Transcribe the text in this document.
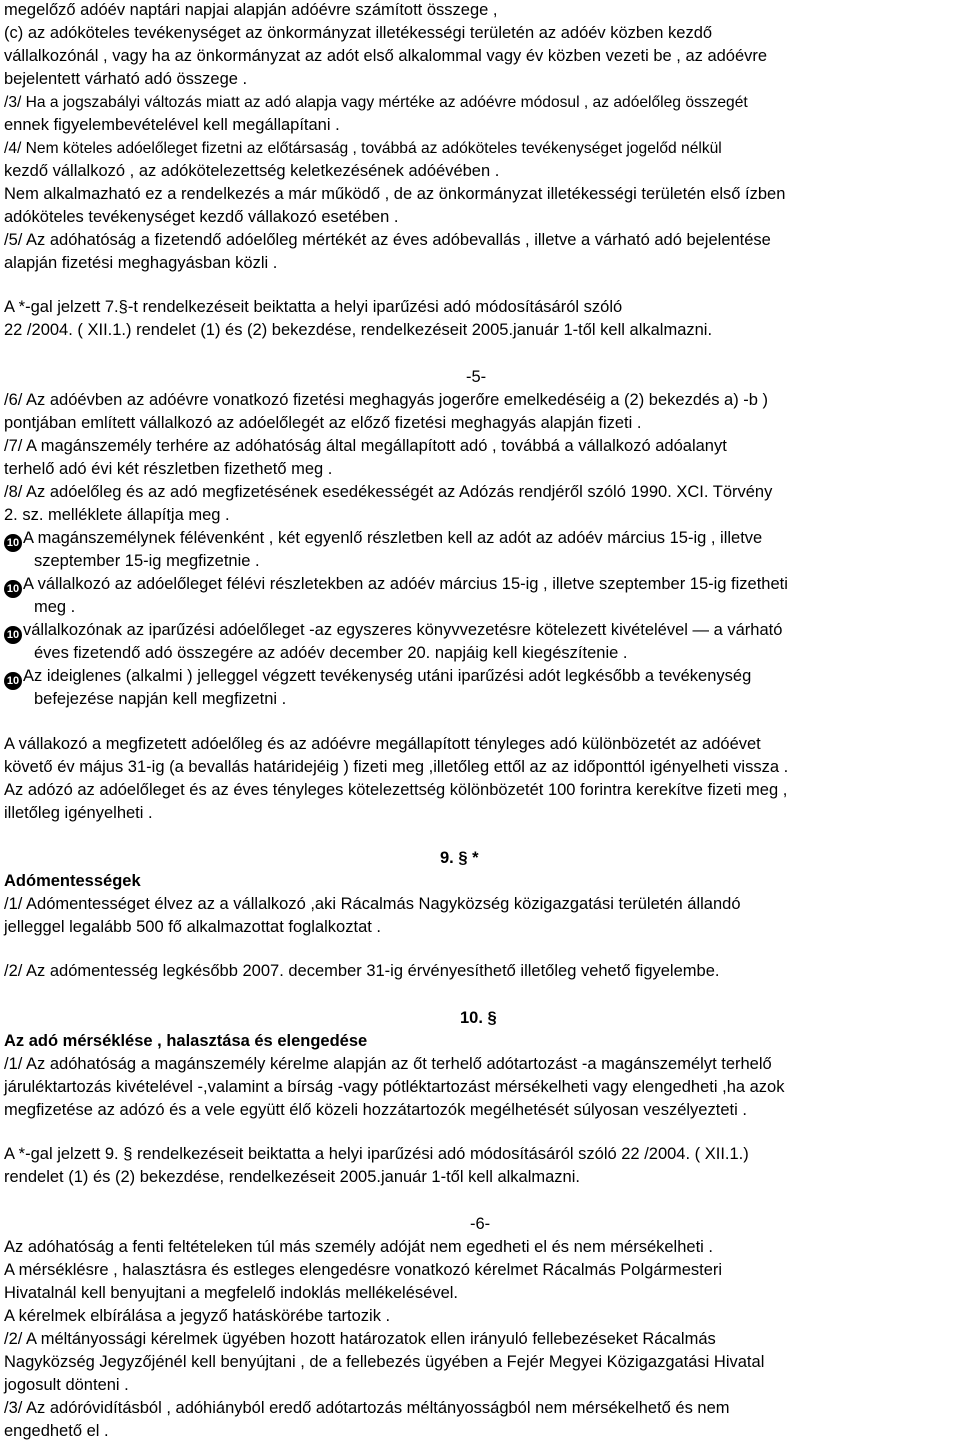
megelőző adóév naptári napjai alapján adóévre számított összege ,
(c) az adóköteles tevékenységet az önkormányzat illetékességi területén az adóév közben kezdő
vállalkozónál , vagy ha az önkormányzat az adót első alkalommal vagy év közben vezeti be , az adóévre
bejelentett várható adó összege .
/3/ Ha a jogszabályi változás miatt az adó alapja vagy mértéke az adóévre módosul , az adóelőleg összegét
ennek figyelembevételével kell megállapítani .
/4/ Nem köteles adóelőleget fizetni az előtársaság , továbbá az adóköteles tevékenységet jogelőd nélkül
kezdő vállalkozó , az adókötelezettség keletkezésének adóévében .
Nem alkalmazható ez a rendelkezés a már működő , de az önkormányzat illetékességi területén első ízben
adóköteles tevékenységet kezdő vállakozó esetében .
/5/ Az adóhatóság a fizetendő adóelőleg mértékét az éves adóbevallás , illetve a várható adó bejelentése
alapján fizetési meghagyásban közli .
A *-gal jelzett 7.§-t rendelkezéseit beiktatta a helyi iparűzési adó módosításáról szóló
22 /2004. ( XII.1.) rendelet (1) és (2) bekezdése, rendelkezéseit 2005.január 1-től kell alkalmazni.
-5-
/6/ Az adóévben az adóévre vonatkozó fizetési meghagyás jogerőre emelkedéséig a (2) bekezdés a) -b )
pontjában említett vállalkozó az adóelőlegét az előző fizetési meghagyás alapján fizeti .
/7/ A magánszemély terhére az adóhatóság által megállapított adó , továbbá a vállalkozó adóalanyt
terhelő adó évi két részletben fizethető meg .
/8/ Az adóelőleg és az adó megfizetésének esedékességét az Adózás rendjéről szóló 1990. XCI. Törvény
2. sz. melléklete állapítja meg .
10 A magánszemélynek félévenként , két egyenlő részletben kell az adót az adóév március 15-ig , illetve
szeptember 15-ig megfizetnie .
10 A vállalkozó az adóelőleget félévi részletekben az adóév március 15-ig , illetve szeptember 15-ig fizetheti
meg .
10 vállalkozónak az iparűzési adóelőleget -az egyszeres könyvvezetésre kötelezett kivételével — a várható
éves fizetendő adó összegére az adóév december 20. napjáig kell kiegészítenie .
10 Az ideiglenes (alkalmi ) jelleggel végzett tevékenység utáni iparűzési adót legkésőbb a tevékenység
befejezése napján kell megfizetni .
A vállakozó a megfizetett adóelőleg és az adóévre megállapított tényleges adó különbözetét az adóévet
követő év május 31-ig (a bevallás határidejéig ) fizeti meg ,illetőleg ettől az az időponttól igényelheti vissza .
Az adózó az adóelőleget és az éves tényleges kötelezettség kölönbözetét 100 forintra kerekítve fizeti meg ,
illetőleg igényelheti .
9. § *
Adómentességek
/1/ Adómentességet élvez az a vállalkozó ,aki Rácalmás Nagyközség közigazgatási területén állandó
jelleggel legalább 500 fő alkalmazottat foglalkoztat .
/2/ Az adómentesség legkésőbb 2007. december 31-ig érvényesíthető illetőleg vehető figyelembe.
10. §
Az adó mérséklése , halasztása és elengedése
/1/ Az adóhatóság a magánszemély kérelme alapján az őt terhelő adótartozást -a magánszemélyt terhelő
járuléktartozás kivételével -,valamint a bírság -vagy pótléktartozást mérsékelheti vagy elengedheti ,ha azok
megfizetése az adózó és a vele együtt élő közeli hozzátartozók megélhetését súlyosan veszélyezteti .
A *-gal jelzett 9. § rendelkezéseit beiktatta a helyi iparűzési adó módosításáról szóló 22 /2004. ( XII.1.)
rendelet (1) és (2) bekezdése, rendelkezéseit 2005.január 1-től kell alkalmazni.
-6-
Az adóhatóság a fenti feltételeken túl más személy adóját nem egedheti el és nem mérsékelheti .
A mérséklésre , halasztásra és estleges elengedésre vonatkozó kérelmet Rácalmás Polgármesteri
Hivatalnál kell benyujtani a megfelelő indoklás mellékelésével.
A kérelmek elbírálása a jegyző hatáskörébe tartozik .
/2/ A méltányossági kérelmek ügyében hozott határozatok ellen irányuló fellebezéseket Rácalmás
Nagyközség Jegyzőjénél kell benyújtani , de a fellebezés ügyében a Fejér Megyei Közigazgatási Hivatal
jogosult dönteni .
/3/ Az adóróvidításból , adóhiányból eredő adótartozás méltányosságból nem mérsékelhető és nem
engedhető el .
